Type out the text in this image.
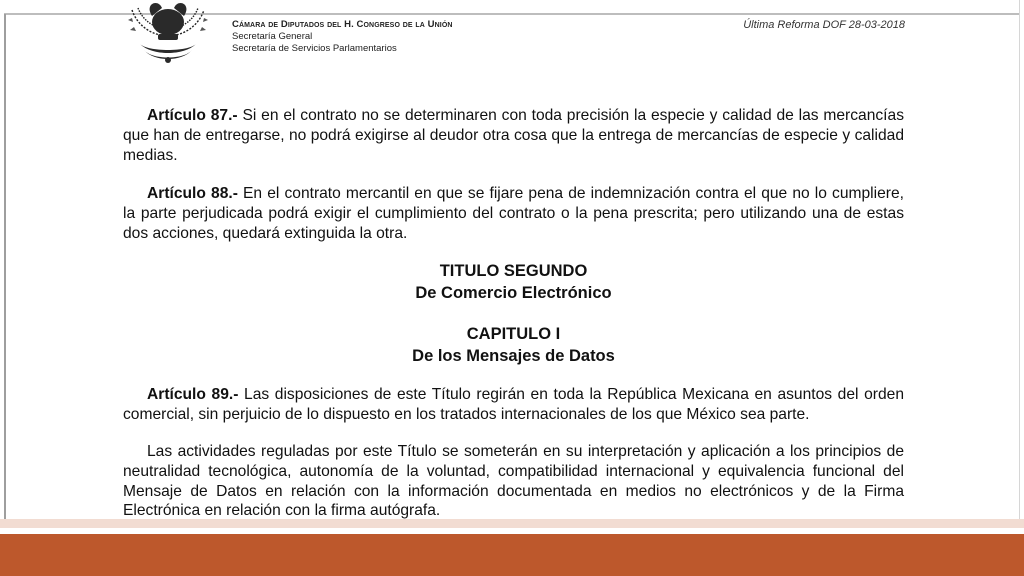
Cámara de Diputados del H. Congreso de la Unión
Secretaría General
Secretaría de Servicios Parlamentarios
Última Reforma DOF 28-03-2018

Artículo 87.- Si en el contrato no se determinaren con toda precisión la especie y calidad de las mercancías que han de entregarse, no podrá exigirse al deudor otra cosa que la entrega de mercancías de especie y calidad medias.

Artículo 88.- En el contrato mercantil en que se fijare pena de indemnización contra el que no lo cumpliere, la parte perjudicada podrá exigir el cumplimiento del contrato o la pena prescrita; pero utilizando una de estas dos acciones, quedará extinguida la otra.

TITULO SEGUNDO
De Comercio Electrónico
CAPITULO I
De los Mensajes de Datos

Artículo 89.- Las disposiciones de este Título regirán en toda la República Mexicana en asuntos del orden comercial, sin perjuicio de lo dispuesto en los tratados internacionales de los que México sea parte.

Las actividades reguladas por este Título se someterán en su interpretación y aplicación a los principios de neutralidad tecnológica, autonomía de la voluntad, compatibilidad internacional y equivalencia funcional del Mensaje de Datos en relación con la información documentada en medios no electrónicos y de la Firma Electrónica en relación con la firma autógrafa.
